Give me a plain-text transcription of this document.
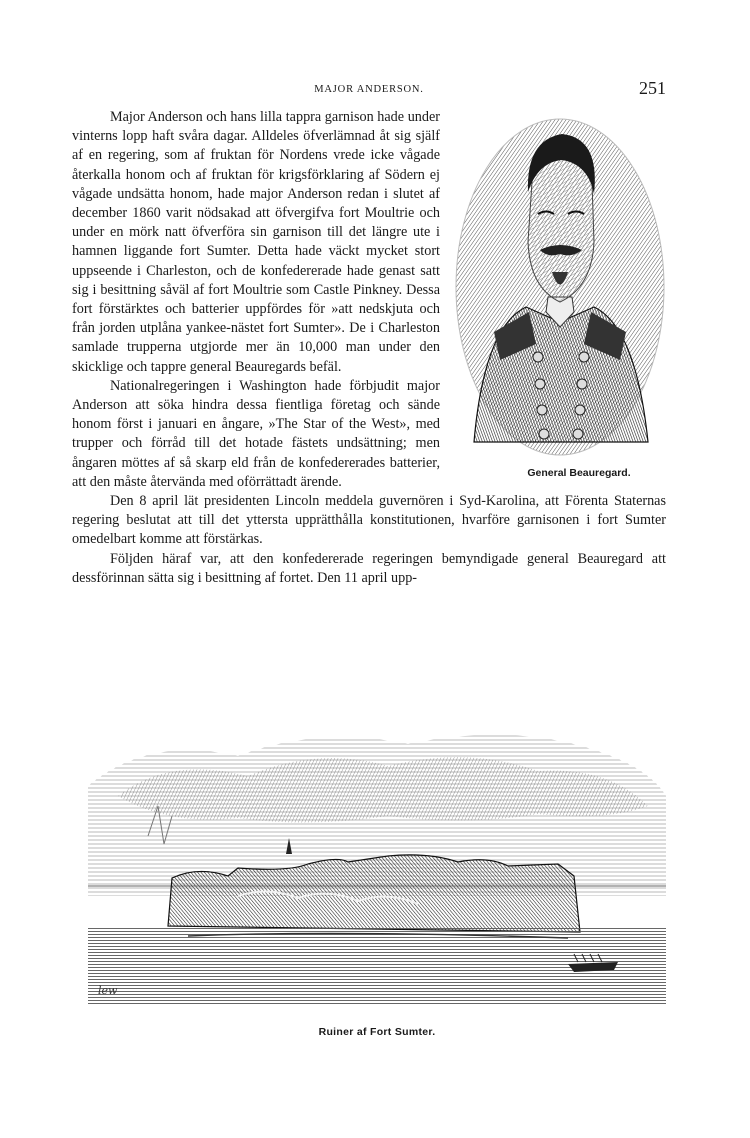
MAJOR ANDERSON.	251

General Beauregard.
Major Anderson och hans lilla tappra garnison hade under vinterns lopp haft svåra dagar. Alldeles öfverlämnad åt sig själf af en regering, som af fruktan för Nordens vrede icke vågade återkalla honom och af fruktan för krigsförklaring af Södern ej vågade undsätta honom, hade major Anderson redan i slutet af december 1860 varit nödsakad att öfvergifva fort Moultrie och under en mörk natt öfverföra sin garnison till det längre ute i hamnen liggande fort Sumter. Detta hade väckt mycket stort uppseende i Charleston, och de konfedererade hade genast satt sig i besittning såväl af fort Moultrie som Castle Pinkney. Dessa fort förstärktes och batterier uppfördes för »att nedskjuta och från jorden utplåna yankee-nästet fort Sumter». De i Charleston samlade trupperna utgjorde mer än 10,000 man under den skicklige och tappre general Beauregards befäl.

Nationalregeringen i Washington hade förbjudit major Anderson att söka hindra dessa fientliga företag och sände honom först i januari en ångare, »The Star of the West», med trupper och förråd till det hotade fästets undsättning; men ångaren möttes af så skarp eld från de konfedererades batterier, att den måste återvända med oförrättadt ärende.

Den 8 april lät presidenten Lincoln meddela guvernören i Syd-Karolina, att Förenta Staternas regering beslutat att till det yttersta upprätthålla konstitutionen, hvarföre garnisonen i fort Sumter omedelbart komme att förstärkas.

Följden häraf var, att den konfedererade regeringen bemyndigade general Beauregard att dessförinnan sätta sig i besittning af fortet. Den 11 april upp-

lew
Ruiner af Fort Sumter.
